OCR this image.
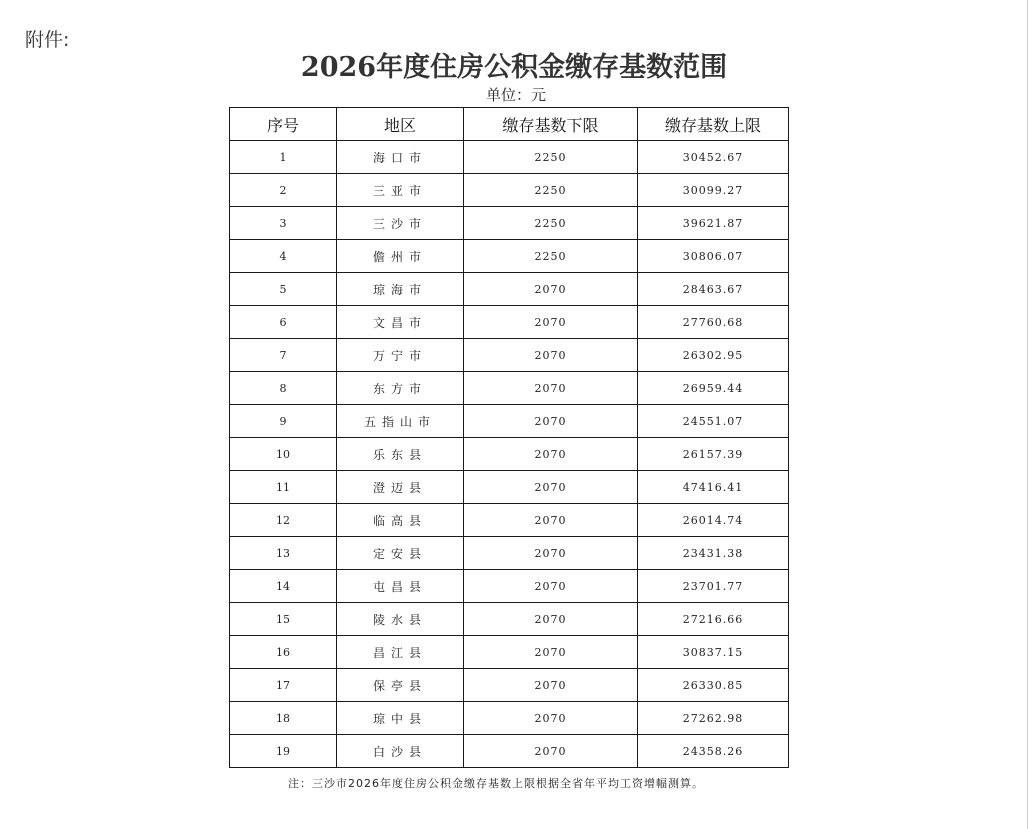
附件:
2026年度住房公积金缴存基数范围
单位：元
序号	地区	缴存基数下限	缴存基数上限
1	海口市	2250	30452.67
2	三亚市	2250	30099.27
3	三沙市	2250	39621.87
4	儋州市	2250	30806.07
5	琼海市	2070	28463.67
6	文昌市	2070	27760.68
7	万宁市	2070	26302.95
8	东方市	2070	26959.44
9	五指山市	2070	24551.07
10	乐东县	2070	26157.39
11	澄迈县	2070	47416.41
12	临高县	2070	26014.74
13	定安县	2070	23431.38
14	屯昌县	2070	23701.77
15	陵水县	2070	27216.66
16	昌江县	2070	30837.15
17	保亭县	2070	26330.85
18	琼中县	2070	27262.98
19	白沙县	2070	24358.26
注：三沙市2026年度住房公积金缴存基数上限根据全省年平均工资增幅测算。
